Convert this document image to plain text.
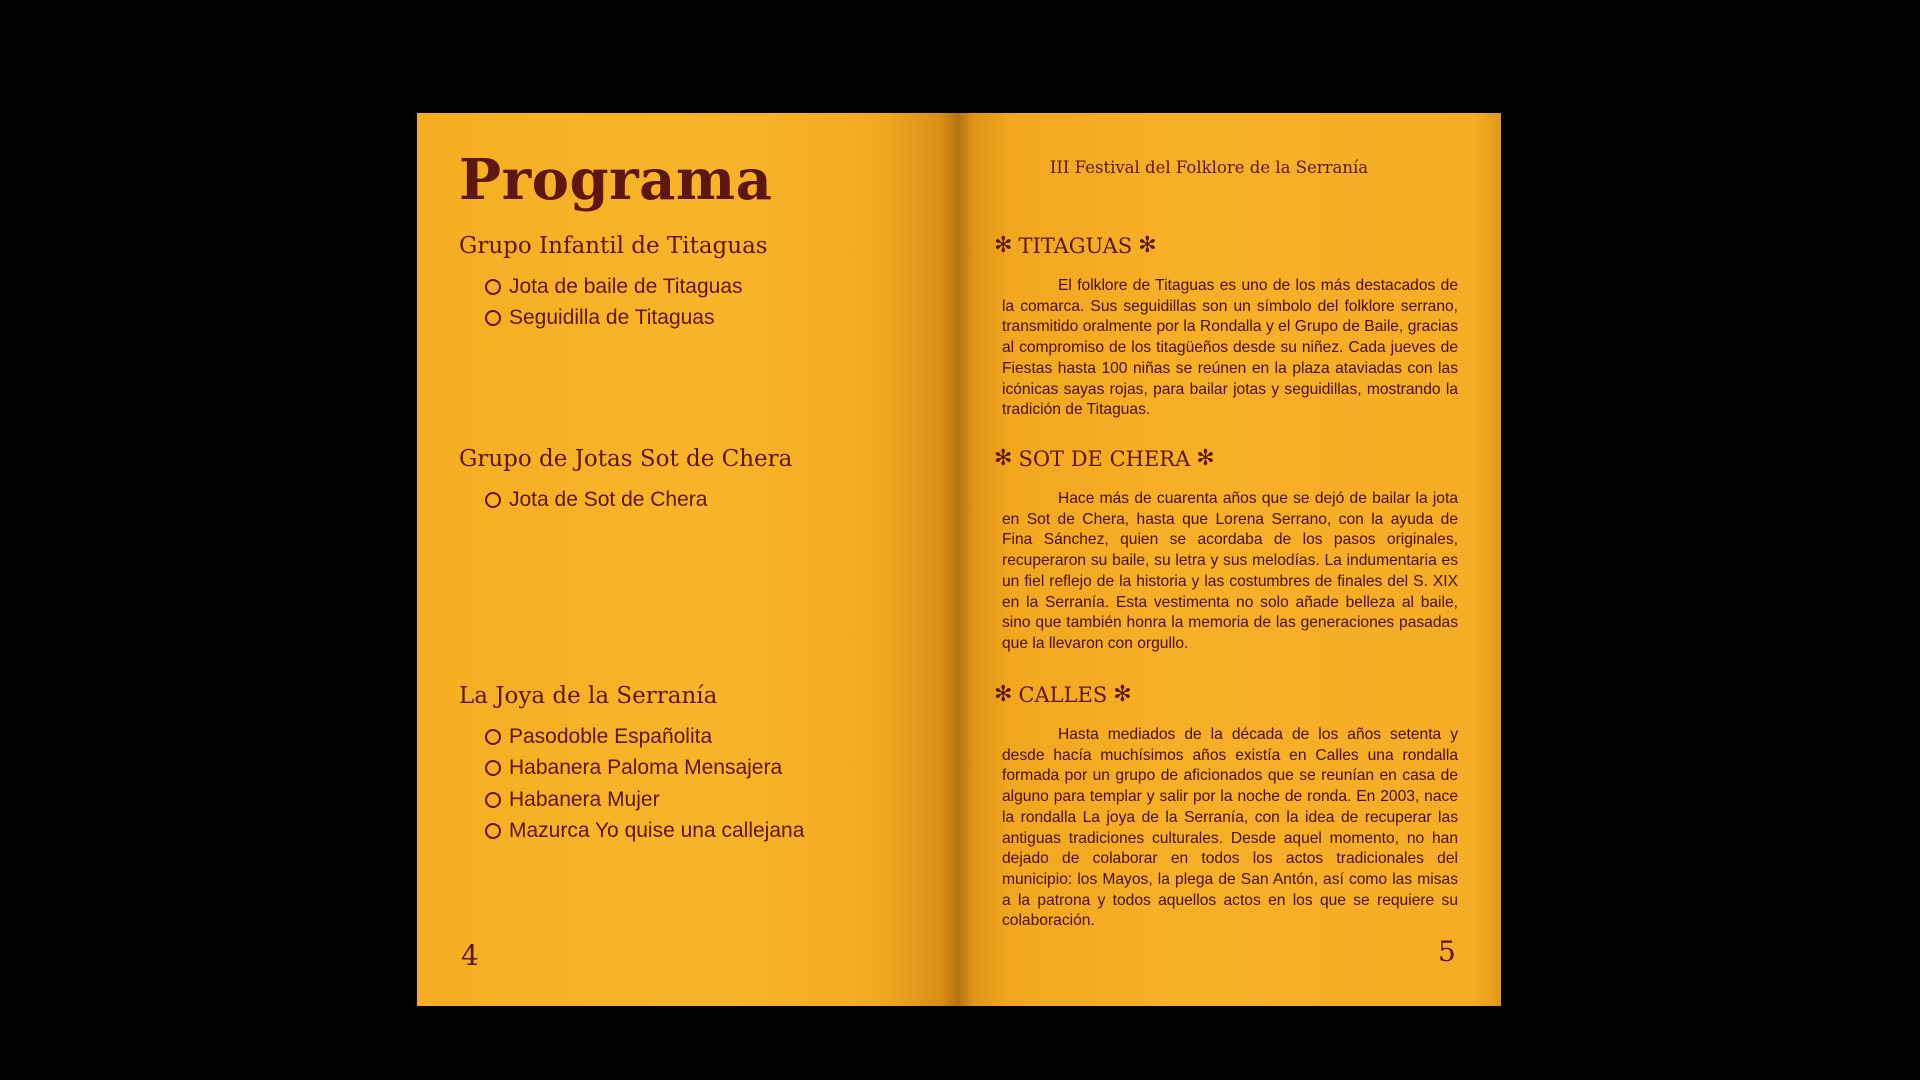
Programa
Grupo Infantil de Titaguas
Jota de baile de Titaguas
Seguidilla de Titaguas
Grupo de Jotas Sot de Chera
Jota de Sot de Chera
La Joya de la Serranía
Pasodoble Españolita
Habanera Paloma Mensajera
Habanera Mujer
Mazurca Yo quise una callejana
4
III Festival del Folklore de la Serranía
✻ TITAGUAS ✻

El folklore de Titaguas es uno de los más destacados de la comarca. Sus seguidillas son un símbolo del folklore serrano, transmitido oralmente por la Rondalla y el Grupo de Baile, gracias al compromiso de los titagüeños desde su niñez. Cada jueves de Fiestas hasta 100 niñas se reúnen en la plaza ataviadas con las icónicas sayas rojas, para bailar jotas y seguidillas, mostrando la tradición de Titaguas.

✻ SOT DE CHERA ✻

Hace más de cuarenta años que se dejó de bailar la jota en Sot de Chera, hasta que Lorena Serrano, con la ayuda de Fina Sánchez, quien se acordaba de los pasos originales, recuperaron su baile, su letra y sus melodías. La indumentaria es un fiel reflejo de la historia y las costumbres de finales del S. XIX en la Serranía. Esta vestimenta no solo añade belleza al baile, sino que también honra la memoria de las generaciones pasadas que la llevaron con orgullo.

✻ CALLES ✻

Hasta mediados de la década de los años setenta y desde hacía muchísimos años existía en Calles una rondalla formada por un grupo de aficionados que se reunían en casa de alguno para templar y salir por la noche de ronda. En 2003, nace la rondalla La joya de la Serranía, con la idea de recuperar las antiguas tradiciones culturales. Desde aquel momento, no han dejado de colaborar en todos los actos tradicionales del municipio: los Mayos, la plega de San Antón, así como las misas a la patrona y todos aquellos actos en los que se requiere su colaboración.

5
